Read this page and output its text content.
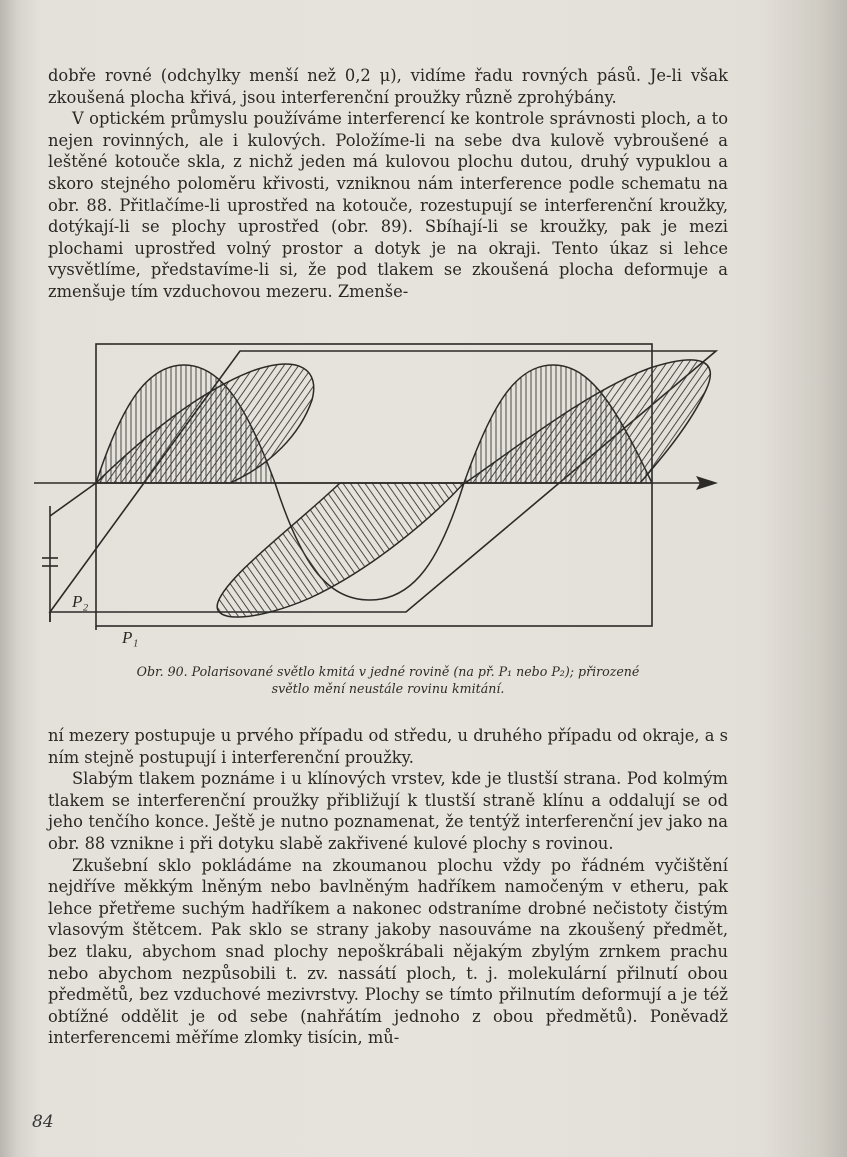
dobře rovné (odchylky menší než 0,2 μ), vidíme řadu rovných pásů. Je-li však zkoušená plocha křivá, jsou interferenční proužky různě zprohýbány.

V optickém průmyslu používáme interferencí ke kontrole správnosti ploch, a to nejen rovinných, ale i kulových. Položíme-li na sebe dva kulově vybroušené a leštěné kotouče skla, z nichž jeden má kulovou plochu dutou, druhý vypuklou a skoro stejného poloměru křivosti, vzniknou nám interference podle schematu na obr. 88. Přitlačíme-li uprostřed na kotouče, rozestupují se interferenční kroužky, dotýkají-li se plochy uprostřed (obr. 89). Sbíhají-li se kroužky, pak je mezi plochami uprostřed volný prostor a dotyk je na okraji. Tento úkaz si lehce vysvětlíme, představíme-li si, že pod tlakem se zkoušená plocha deformuje a zmenšuje tím vzduchovou mezeru. Zmenše-

P₂
P₁
Obr. 90. Polarisované světlo kmitá v jedné rovině (na př. P₁ nebo P₂); přirozené
světlo mění neustále rovinu kmitání.

ní mezery postupuje u prvého případu od středu, u druhého případu od okraje, a s ním stejně postupují i interferenční proužky.

Slabým tlakem poznáme i u klínových vrstev, kde je tlustší strana. Pod kolmým tlakem se interferenční proužky přibližují k tlustší straně klínu a oddalují se od jeho tenčího konce. Ještě je nutno poznamenat, že tentýž interferenční jev jako na obr. 88 vznikne i při dotyku slabě zakřivené kulové plochy s rovinou.

Zkušební sklo pokládáme na zkoumanou plochu vždy po řádném vyčištění nejdříve měkkým lněným nebo bavlněným hadříkem namočeným v etheru, pak lehce přetřeme suchým hadříkem a nakonec odstraníme drobné nečistoty čistým vlasovým štětcem. Pak sklo se strany jakoby nasouváme na zkoušený předmět, bez tlaku, abychom snad plochy nepoškrábali nějakým zbylým zrnkem prachu nebo abychom nezpůsobili t. zv. nassátí ploch, t. j. molekulární přilnutí obou předmětů, bez vzduchové mezivrstvy. Plochy se tímto přilnutím deformují a je též obtížné oddělit je od sebe (nahřátím jednoho z obou předmětů). Poněvadž interferencemi měříme zlomky tisícin, mů-

84
